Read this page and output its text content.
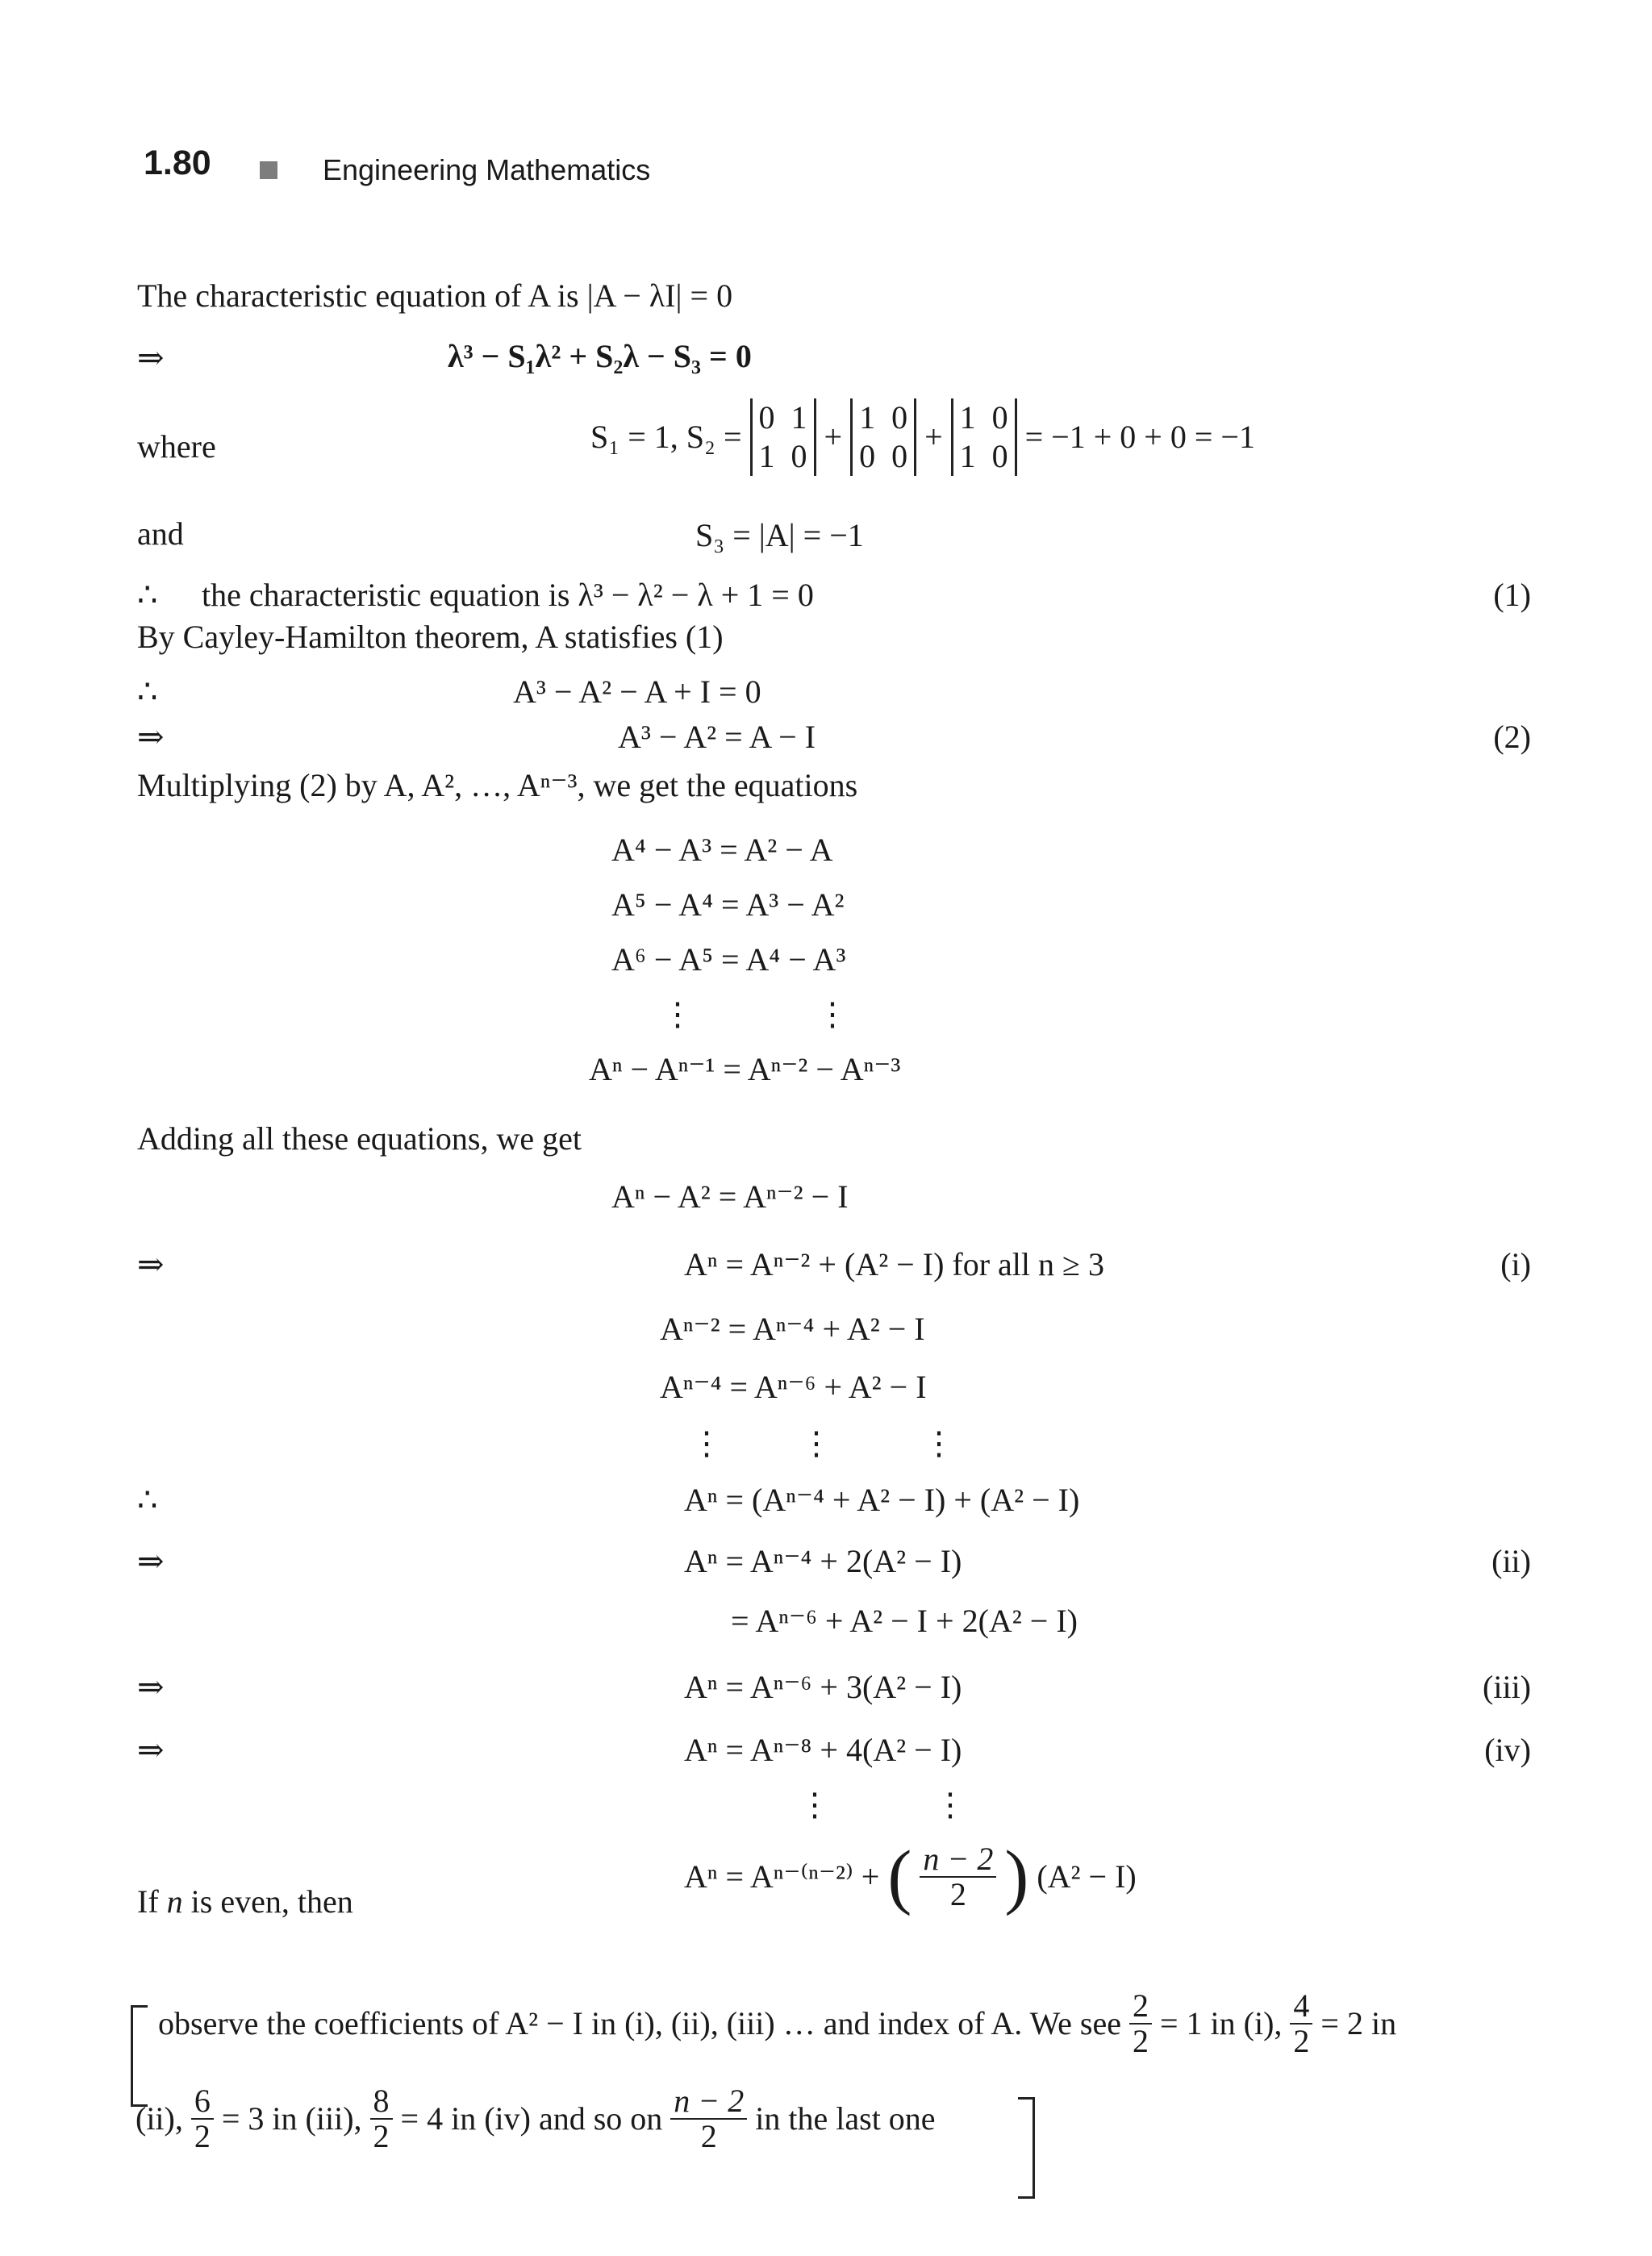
1.80	Engineering Mathematics
The characteristic equation of A is |A − λI| = 0
⇒	λ³ − S₁λ² + S₂λ − S₃ = 0
where	S₁ = 1, S₂ =
0  1
1  0
+
1  0
0  0
+
1  0
1  0
= −1 + 0 + 0 = −1
and	S₃ = |A| = −1
∴ the characteristic equation is λ³ − λ² − λ + 1 = 0	(1)
By Cayley-Hamilton theorem, A statisfies (1)
∴	A³ − A² − A + I = 0
⇒	A³ − A² = A − I	(2)
Multiplying (2) by A, A², …, Aⁿ⁻³, we get the equations
A⁴ − A³ = A² − A
A⁵ − A⁴ = A³ − A²
A⁶ − A⁵ = A⁴ − A³
⋮	⋮
Aⁿ − Aⁿ⁻¹ = Aⁿ⁻² − Aⁿ⁻³
Adding all these equations, we get
Aⁿ − A² = Aⁿ⁻² − I
⇒	Aⁿ = Aⁿ⁻² + (A² − I) for all n ≥ 3	(i)
Aⁿ⁻² = Aⁿ⁻⁴ + A² − I
Aⁿ⁻⁴ = Aⁿ⁻⁶ + A² − I
⋮ ⋮	⋮
∴	Aⁿ = (Aⁿ⁻⁴ + A² − I) + (A² − I)
⇒	Aⁿ = Aⁿ⁻⁴ + 2(A² − I)	(ii)
= Aⁿ⁻⁶ + A² − I + 2(A² − I)
⇒	Aⁿ = Aⁿ⁻⁶ + 3(A² − I)	(iii)
⇒	Aⁿ = Aⁿ⁻⁸ + 4(A² − I)	(iv)
⋮	⋮
If n is even, then
Aⁿ = Aⁿ⁻⁽ⁿ⁻²⁾ + ( $\frac{n - 2}{2}$ ) (A² − I)
observe the coefficients of A² − I in (i), (ii), (iii) … and index of A. We see $\frac{2}{2} = 1$ in (i), $\frac{4}{2} = 2$ in
(ii), $\frac{6}{2} = 3$ in (iii), $\frac{8}{2} = 4$ in (iv) and so on $\frac{n - 2}{2}$ in the last one
